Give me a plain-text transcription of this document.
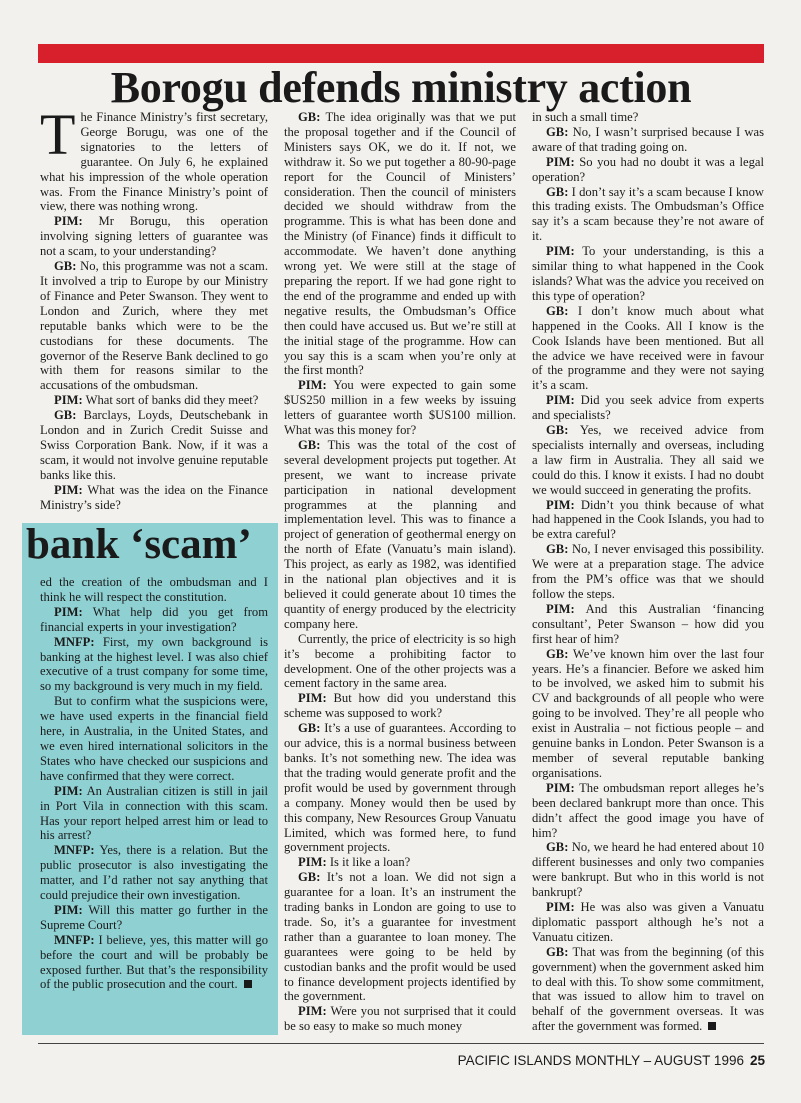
Borogu defends ministry action

The Finance Ministry’s first secretary, George Borugu, was one of the signatories to the letters of guarantee. On July 6, he explained what his impression of the whole operation was. From the Finance Ministry’s point of view, there was nothing wrong.

PIM: Mr Borugu, this operation involving signing letters of guarantee was not a scam, to your understanding?

GB: No, this programme was not a scam. It involved a trip to Europe by our Ministry of Finance and Peter Swanson. They went to London and Zurich, where they met reputable banks which were to be the custodians for these documents. The governor of the Reserve Bank declined to go with them for reasons similar to the accusations of the ombudsman.

PIM: What sort of banks did they meet?

GB: Barclays, Loyds, Deutschebank in London and in Zurich Credit Suisse and Swiss Corporation Bank. Now, if it was a scam, it would not involve genuine reputable banks like this.

PIM: What was the idea on the Finance Ministry’s side?

bank ‘scam’

ed the creation of the ombudsman and I think he will respect the constitution.

PIM: What help did you get from financial experts in your investigation?

MNFP: First, my own background is banking at the highest level. I was also chief executive of a trust company for some time, so my background is very much in my field.

But to confirm what the suspicions were, we have used experts in the financial field here, in Australia, in the United States, and we even hired international solicitors in the States who have checked our suspicions and have confirmed that they were correct.

PIM: An Australian citizen is still in jail in Port Vila in connection with this scam. Has your report helped arrest him or lead to his arrest?

MNFP: Yes, there is a relation. But the public prosecutor is also investigating the matter, and I’d rather not say anything that could prejudice their own investigation.

PIM: Will this matter go further in the Supreme Court?

MNFP: I believe, yes, this matter will go before the court and will be probably be exposed further. But that’s the responsibility of the public prosecution and the court.

GB: The idea originally was that we put the proposal together and if the Council of Ministers says OK, we do it. If not, we withdraw it. So we put together a 80-90-page report for the Council of Ministers’ consideration. Then the council of ministers decided we should withdraw from the programme. This is what has been done and the Ministry (of Finance) finds it difficult to accommodate. We haven’t done anything wrong yet. We were still at the stage of preparing the report. If we had gone right to the end of the programme and ended up with negative results, the Ombudsman’s Office then could have accused us. But we’re still at the initial stage of the programme. How can you say this is a scam when you’re only at the first month?

PIM: You were expected to gain some $US250 million in a few weeks by issuing letters of guarantee worth $US100 million. What was this money for?

GB: This was the total of the cost of several development projects put together. At present, we want to increase private participation in national development programmes at the planning and implementation level. This was to finance a project of generation of geothermal energy on the north of Efate (Vanuatu’s main island). This project, as early as 1982, was identified in the national plan objectives and it is believed it could generate about 10 times the quantity of energy produced by the electricity company here.

Currently, the price of electricity is so high it’s become a prohibiting factor to development. One of the other projects was a cement factory in the same area.

PIM: But how did you understand this scheme was supposed to work?

GB: It’s a use of guarantees. According to our advice, this is a normal business between banks. It’s not something new. The idea was that the trading would generate profit and the profit would be used by government through a company. Money would then be used by this company, New Resources Group Vanuatu Limited, which was formed here, to fund government projects.

PIM: Is it like a loan?

GB: It’s not a loan. We did not sign a guarantee for a loan. It’s an instrument the trading banks in London are going to use to trade. So, it’s a guarantee for investment rather than a guarantee to loan money. The guarantees were going to be held by custodian banks and the profit would be used to finance development projects identified by the government.

PIM: Were you not surprised that it could be so easy to make so much money

in such a small time?

GB: No, I wasn’t surprised because I was aware of that trading going on.

PIM: So you had no doubt it was a legal operation?

GB: I don’t say it’s a scam because I know this trading exists. The Ombudsman’s Office say it’s a scam because they’re not aware of it.

PIM: To your understanding, is this a similar thing to what happened in the Cook islands? What was the advice you received on this type of operation?

GB: I don’t know much about what happened in the Cooks. All I know is the Cook Islands have been mentioned. But all the advice we have received were in favour of the programme and they were not saying it’s a scam.

PIM: Did you seek advice from experts and specialists?

GB: Yes, we received advice from specialists internally and overseas, including a law firm in Australia. They all said we could do this. I know it exists. I had no doubt we would succeed in generating the profits.

PIM: Didn’t you think because of what had happened in the Cook Islands, you had to be extra careful?

GB: No, I never envisaged this possibility. We were at a preparation stage. The advice from the PM’s office was that we should follow the steps.

PIM: And this Australian ‘financing consultant’, Peter Swanson – how did you first hear of him?

GB: We’ve known him over the last four years. He’s a financier. Before we asked him to be involved, we asked him to submit his CV and backgrounds of all people who were going to be involved. They’re all people who exist in Australia – not fictious people – and genuine banks in London. Peter Swanson is a member of several reputable banking organisations.

PIM: The ombudsman report alleges he’s been declared bankrupt more than once. This didn’t affect the good image you have of him?

GB: No, we heard he had entered about 10 different businesses and only two companies were bankrupt. But who in this world is not bankrupt?

PIM: He was also was given a Vanuatu diplomatic passport although he’s not a Vanuatu citizen.

GB: That was from the beginning (of this government) when the government asked him to deal with this. To show some commitment, that was issued to allow him to travel on behalf of the government overseas. It was after the government was formed.

PACIFIC ISLANDS MONTHLY – AUGUST 1996 25
